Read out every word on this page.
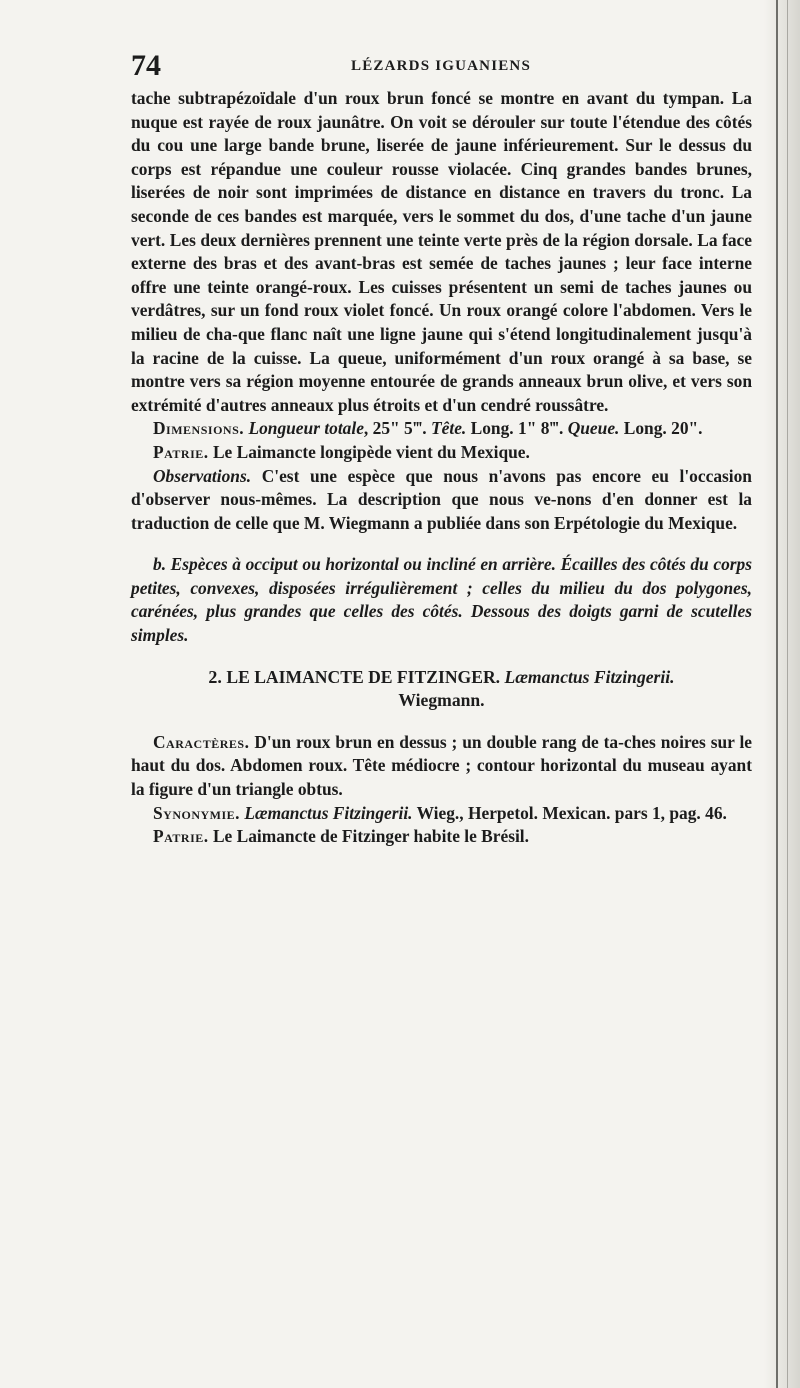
74	LÉZARDS IGUANIENS

tache subtrapézoïdale d'un roux brun foncé se montre en avant du tympan. La nuque est rayée de roux jaunâtre. On voit se dérouler sur toute l'étendue des côtés du cou une large bande brune, liserée de jaune inférieurement. Sur le dessus du corps est répandue une couleur rousse violacée. Cinq grandes bandes brunes, liserées de noir sont imprimées de distance en distance en travers du tronc. La seconde de ces bandes est marquée, vers le sommet du dos, d'une tache d'un jaune vert. Les deux dernières prennent une teinte verte près de la région dorsale. La face externe des bras et des avant-bras est semée de taches jaunes ; leur face interne offre une teinte orangé-roux. Les cuisses présentent un semi de taches jaunes ou verdâtres, sur un fond roux violet foncé. Un roux orangé colore l'abdomen. Vers le milieu de cha-que flanc naît une ligne jaune qui s'étend longitudinalement jusqu'à la racine de la cuisse. La queue, uniformément d'un roux orangé à sa base, se montre vers sa région moyenne entourée de grands anneaux brun olive, et vers son extrémité d'autres anneaux plus étroits et d'un cendré roussâtre.

Dimensions. Longueur totale, 25" 5‴. Tête. Long. 1" 8‴. Queue. Long. 20".

Patrie. Le Laimancte longipède vient du Mexique.

Observations. C'est une espèce que nous n'avons pas encore eu l'occasion d'observer nous-mêmes. La description que nous ve-nons d'en donner est la traduction de celle que M. Wiegmann a publiée dans son Erpétologie du Mexique.

b. Espèces à occiput ou horizontal ou incliné en arrière. Écailles des côtés du corps petites, convexes, disposées irrégulièrement ; celles du milieu du dos polygones, carénées, plus grandes que celles des côtés. Dessous des doigts garni de scutelles simples.

2. LE LAIMANCTE DE FITZINGER. Læmanctus Fitzingerii.
Wiegmann.

Caractères. D'un roux brun en dessus ; un double rang de ta-ches noires sur le haut du dos. Abdomen roux. Tête médiocre ; contour horizontal du museau ayant la figure d'un triangle obtus.

Synonymie. Læmanctus Fitzingerii. Wieg., Herpetol. Mexican. pars 1, pag. 46.

Patrie. Le Laimancte de Fitzinger habite le Brésil.
